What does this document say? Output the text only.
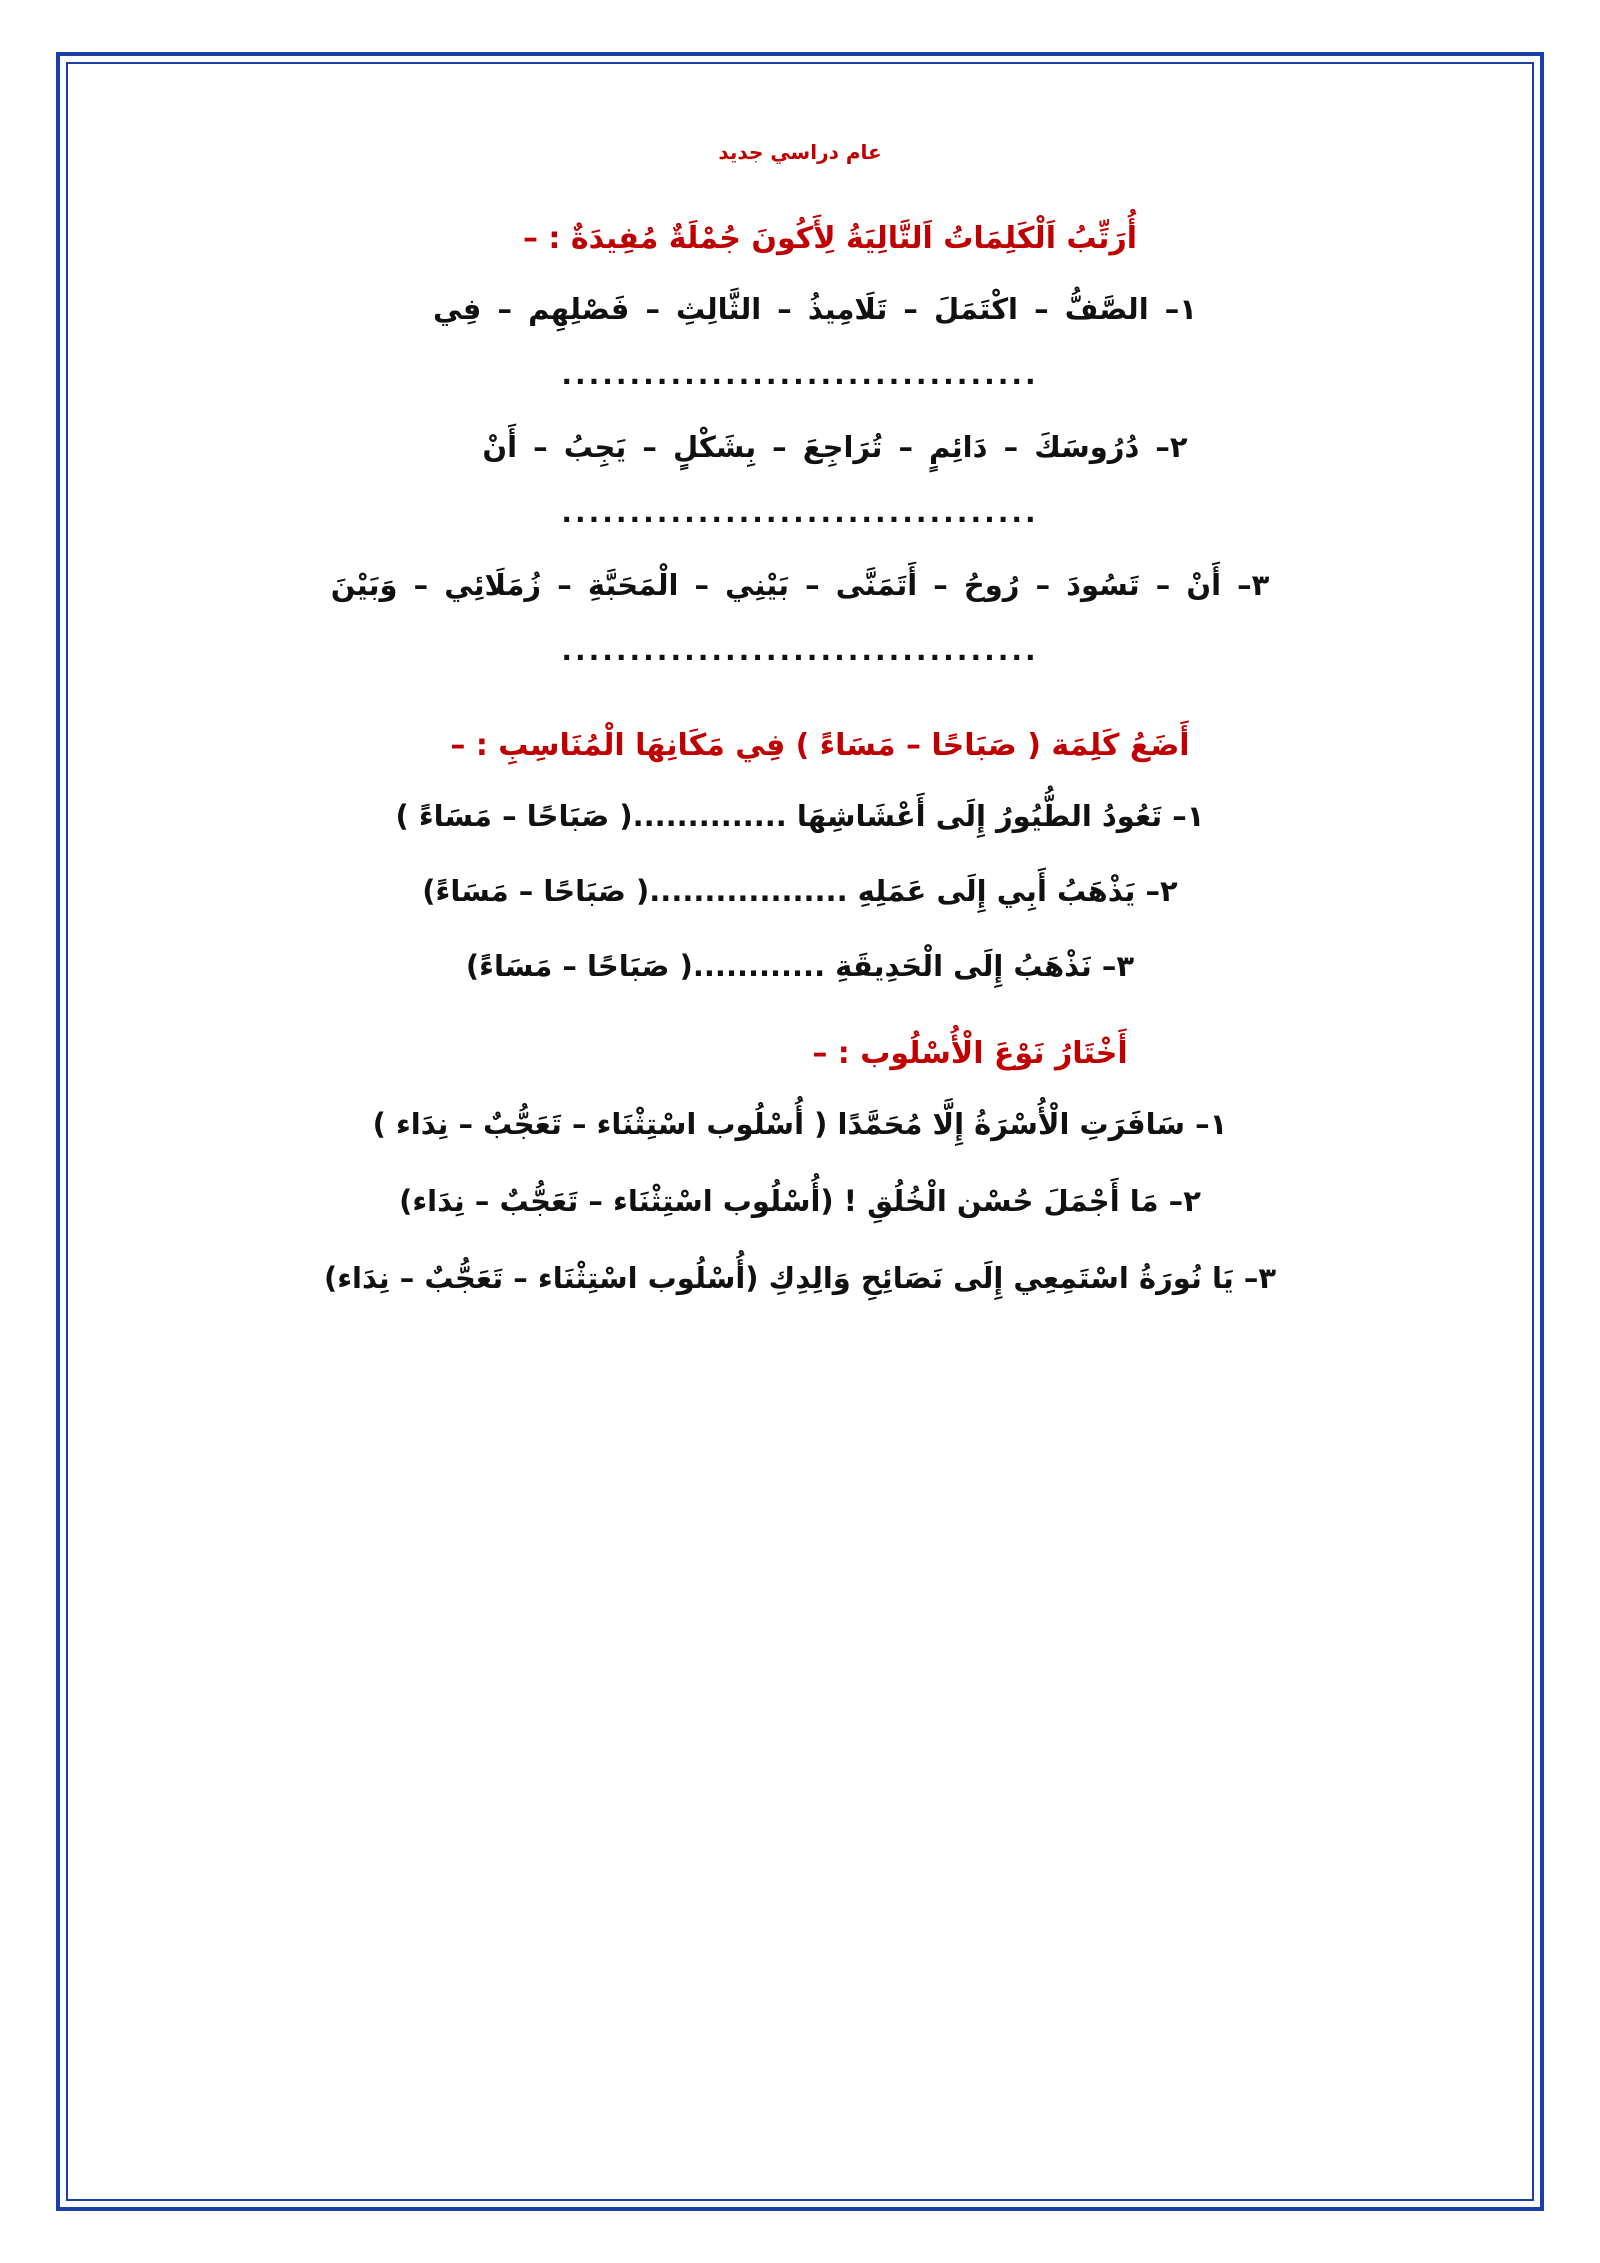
عام دراسي جديد
أُرَتِّبُ اَلْكَلِمَاتُ اَلتَّالِيَةُ لِأَكُونَ جُمْلَةٌ مُفِيدَةٌ : –
١– الصَّفُّ – اكْتَمَلَ – تَلَامِيذُ – الثَّالِثِ – فَصْلِهِم – فِي
...................................
٢– دُرُوسَكَ – دَائِمٍ – تُرَاجِعَ – بِشَكْلٍ – يَجِبُ – أَنْ
...................................
٣– أَنْ – تَسُودَ – رُوحُ – أَتَمَنَّى – بَيْنِي – الْمَحَبَّةِ – زُمَلَائِي – وَبَيْنَ
...................................
أَضَعُ كَلِمَة ( صَبَاحًا – مَسَاءً ) فِي مَكَانِهَا الْمُنَاسِبِ : –
١– تَعُودُ الطُّيُورُ إِلَى أَعْشَاشِهَا ..............( صَبَاحًا – مَسَاءً )
٢– يَذْهَبُ أَبِي إِلَى عَمَلِهِ ..................( صَبَاحًا – مَسَاءً)
٣– نَذْهَبُ إِلَى الْحَدِيقَةِ ............( صَبَاحًا – مَسَاءً)
أَخْتَارُ نَوْعَ الْأُسْلُوب : –
١– سَافَرَتِ الْأُسْرَةُ إِلَّا مُحَمَّدًا ( أُسْلُوب اسْتِثْنَاء – تَعَجُّبٌ – نِدَاء )
٢– مَا أَجْمَلَ حُسْن الْخُلُقِ ! (أُسْلُوب اسْتِثْنَاء – تَعَجُّبٌ – نِدَاء)
٣– يَا نُورَةُ اسْتَمِعِي إِلَى نَصَائِحِ وَالِدِكِ (أُسْلُوب اسْتِثْنَاء – تَعَجُّبٌ – نِدَاء)
